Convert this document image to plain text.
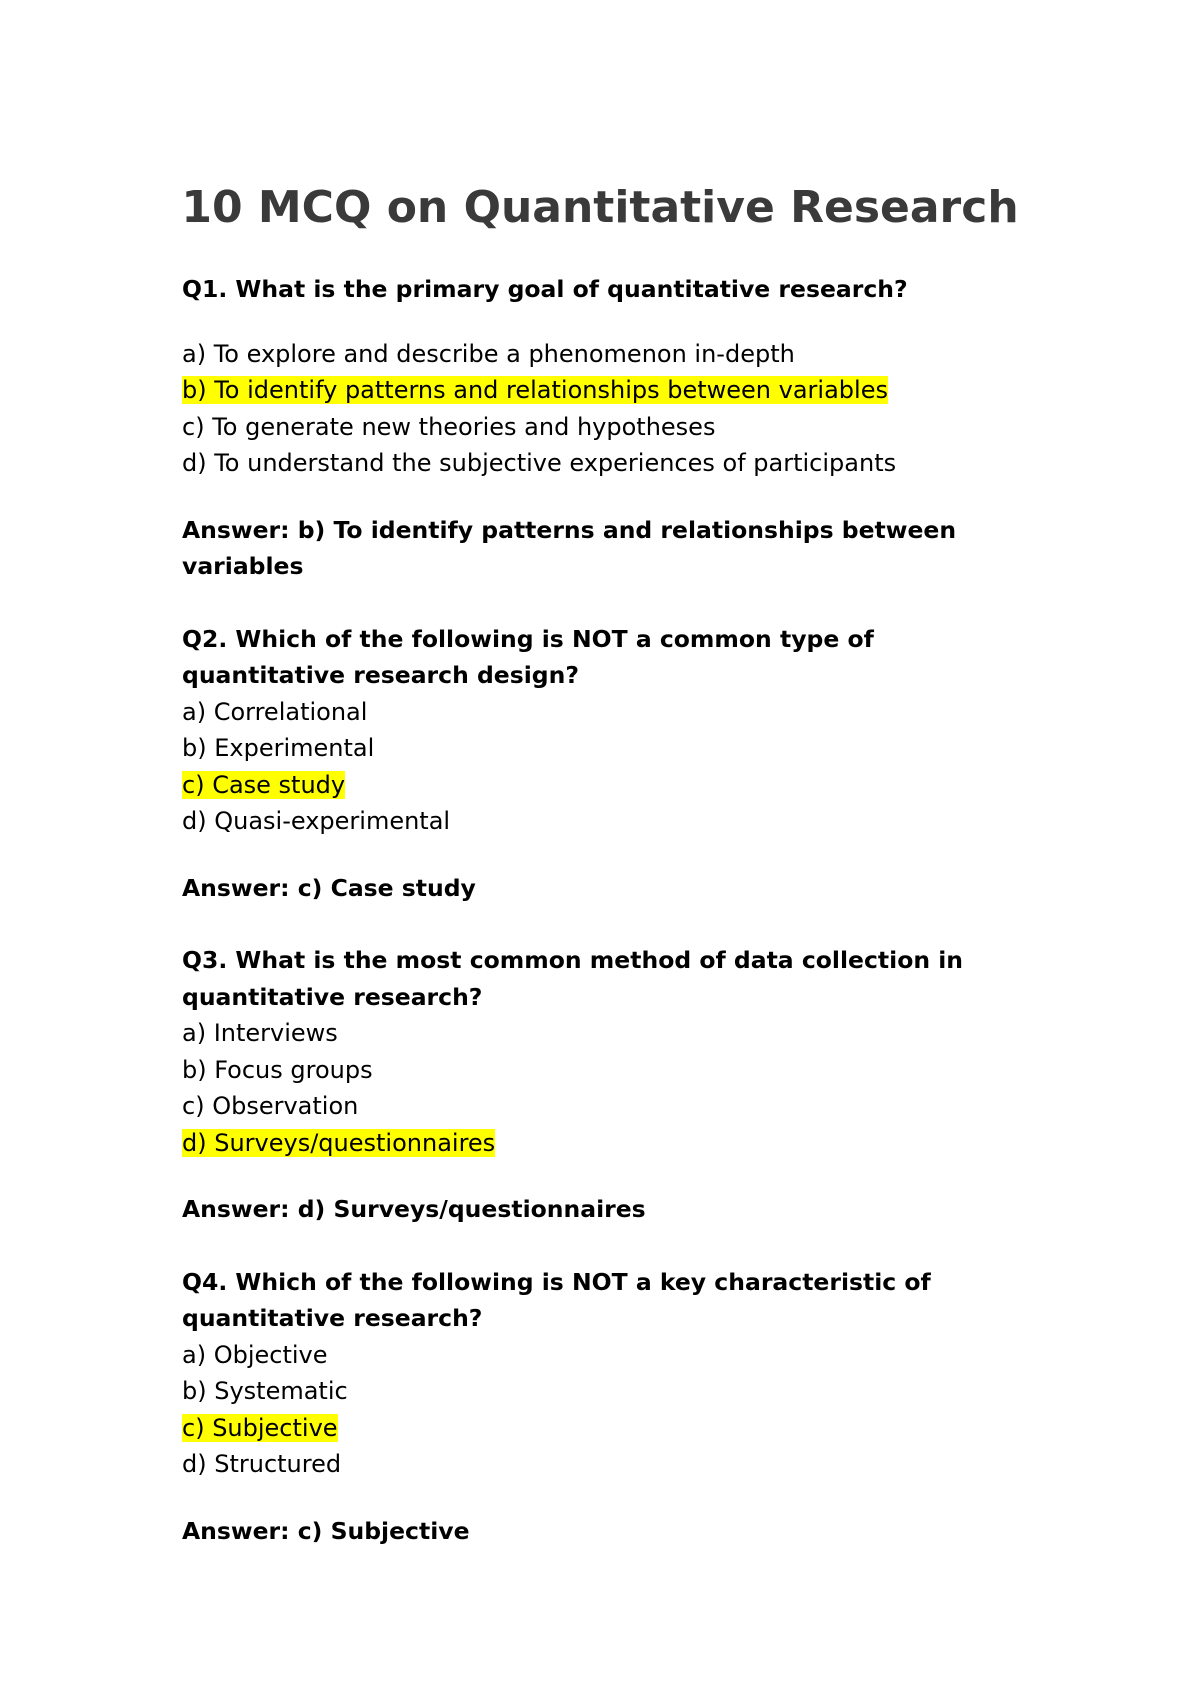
10 MCQ on Quantitative Research

Q1. What is the primary goal of quantitative research?

a) To explore and describe a phenomenon in-depth

b) To identify patterns and relationships between variables

c) To generate new theories and hypotheses

d) To understand the subjective experiences of participants

Answer: b) To identify patterns and relationships between variables

Q2. Which of the following is NOT a common type of quantitative research design?

a) Correlational

b) Experimental

c) Case study

d) Quasi-experimental

Answer: c) Case study

Q3. What is the most common method of data collection in quantitative research?

a) Interviews

b) Focus groups

c) Observation

d) Surveys/questionnaires

Answer: d) Surveys/questionnaires

Q4. Which of the following is NOT a key characteristic of quantitative research?

a) Objective

b) Systematic

c) Subjective

d) Structured

Answer: c) Subjective
